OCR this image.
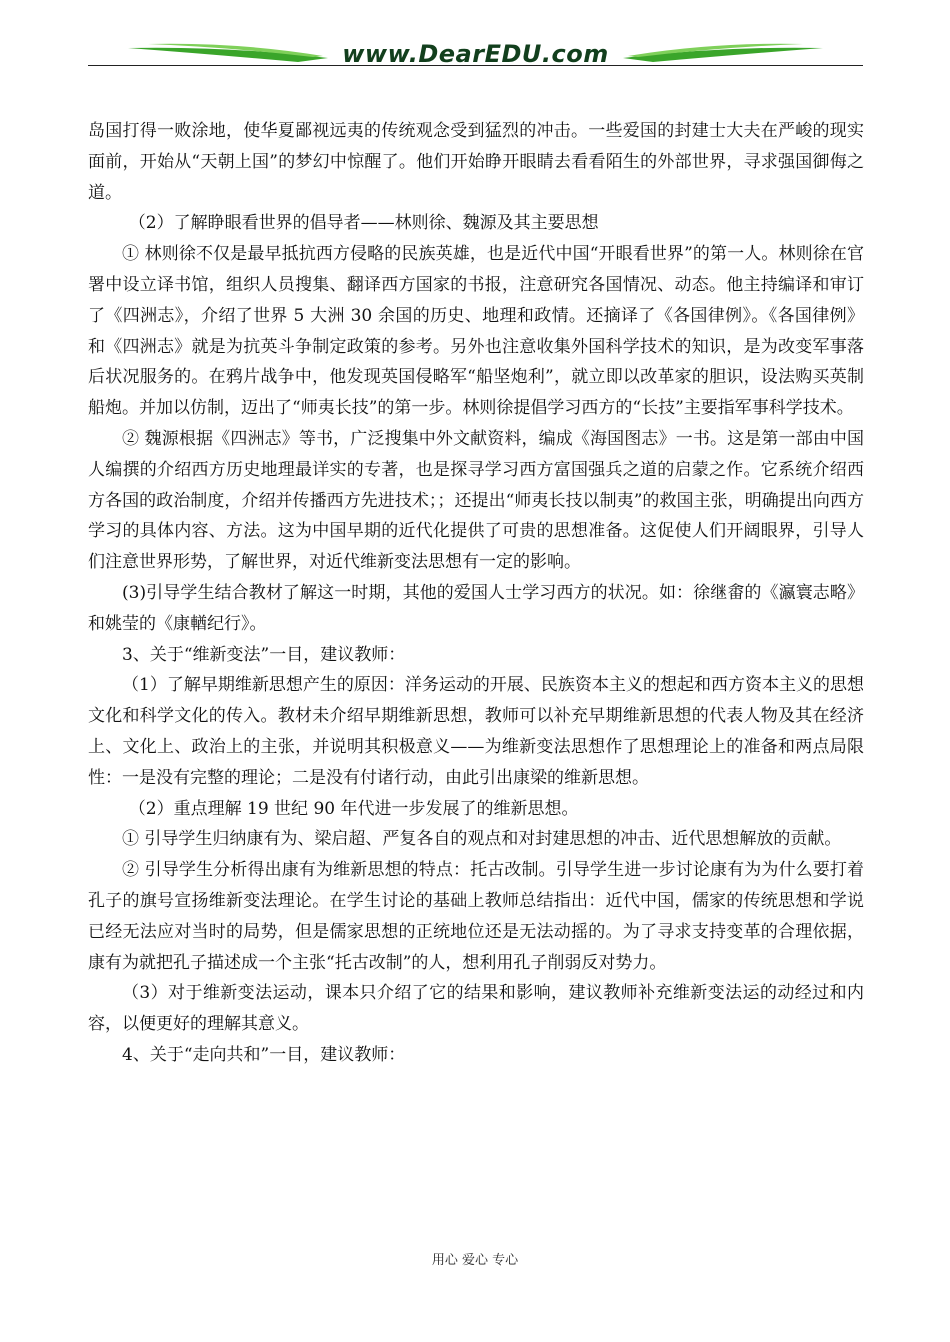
www.DearEDU.com

岛国打得一败涂地，使华夏鄙视远夷的传统观念受到猛烈的冲击。一些爱国的封建士大夫在严峻的现实面前，开始从“天朝上国”的梦幻中惊醒了。他们开始睁开眼睛去看看陌生的外部世界，寻求强国御侮之道。

（2）了解睁眼看世界的倡导者——林则徐、魏源及其主要思想

① 林则徐不仅是最早抵抗西方侵略的民族英雄，也是近代中国“开眼看世界”的第一人。林则徐在官署中设立译书馆，组织人员搜集、翻译西方国家的书报，注意研究各国情况、动态。他主持编译和审订了《四洲志》，介绍了世界 5 大洲 30 余国的历史、地理和政情。还摘译了《各国律例》。《各国律例》和《四洲志》就是为抗英斗争制定政策的参考。另外也注意收集外国科学技术的知识，是为改变军事落后状况服务的。在鸦片战争中，他发现英国侵略军“船坚炮利”，就立即以改革家的胆识，设法购买英制船炮。并加以仿制，迈出了“师夷长技”的第一步。林则徐提倡学习西方的“长技”主要指军事科学技术。

② 魏源根据《四洲志》等书，广泛搜集中外文献资料，编成《海国图志》一书。这是第一部由中国人编撰的介绍西方历史地理最详实的专著，也是探寻学习西方富国强兵之道的启蒙之作。它系统介绍西方各国的政治制度，介绍并传播西方先进技术；；还提出“师夷长技以制夷”的救国主张，明确提出向西方学习的具体内容、方法。这为中国早期的近代化提供了可贵的思想准备。这促使人们开阔眼界，引导人们注意世界形势，了解世界，对近代维新变法思想有一定的影响。

(3)引导学生结合教材了解这一时期，其他的爱国人士学习西方的状况。如：徐继畬的《瀛寰志略》和姚莹的《康輶纪行》。

3、关于“维新变法”一目，建议教师：

（1）了解早期维新思想产生的原因：洋务运动的开展、民族资本主义的想起和西方资本主义的思想文化和科学文化的传入。教材未介绍早期维新思想，教师可以补充早期维新思想的代表人物及其在经济上、文化上、政治上的主张，并说明其积极意义——为维新变法思想作了思想理论上的准备和两点局限性：一是没有完整的理论；二是没有付诸行动，由此引出康梁的维新思想。

（2）重点理解 19 世纪 90 年代进一步发展了的维新思想。

① 引导学生归纳康有为、梁启超、严复各自的观点和对封建思想的冲击、近代思想解放的贡献。

② 引导学生分析得出康有为维新思想的特点：托古改制。引导学生进一步讨论康有为为什么要打着孔子的旗号宣扬维新变法理论。在学生讨论的基础上教师总结指出：近代中国，儒家的传统思想和学说已经无法应对当时的局势，但是儒家思想的正统地位还是无法动摇的。为了寻求支持变革的合理依据，康有为就把孔子描述成一个主张“托古改制”的人，想利用孔子削弱反对势力。

（3）对于维新变法运动，课本只介绍了它的结果和影响，建议教师补充维新变法运的动经过和内容，以便更好的理解其意义。

4、关于“走向共和”一目，建议教师：

用心 爱心 专心
